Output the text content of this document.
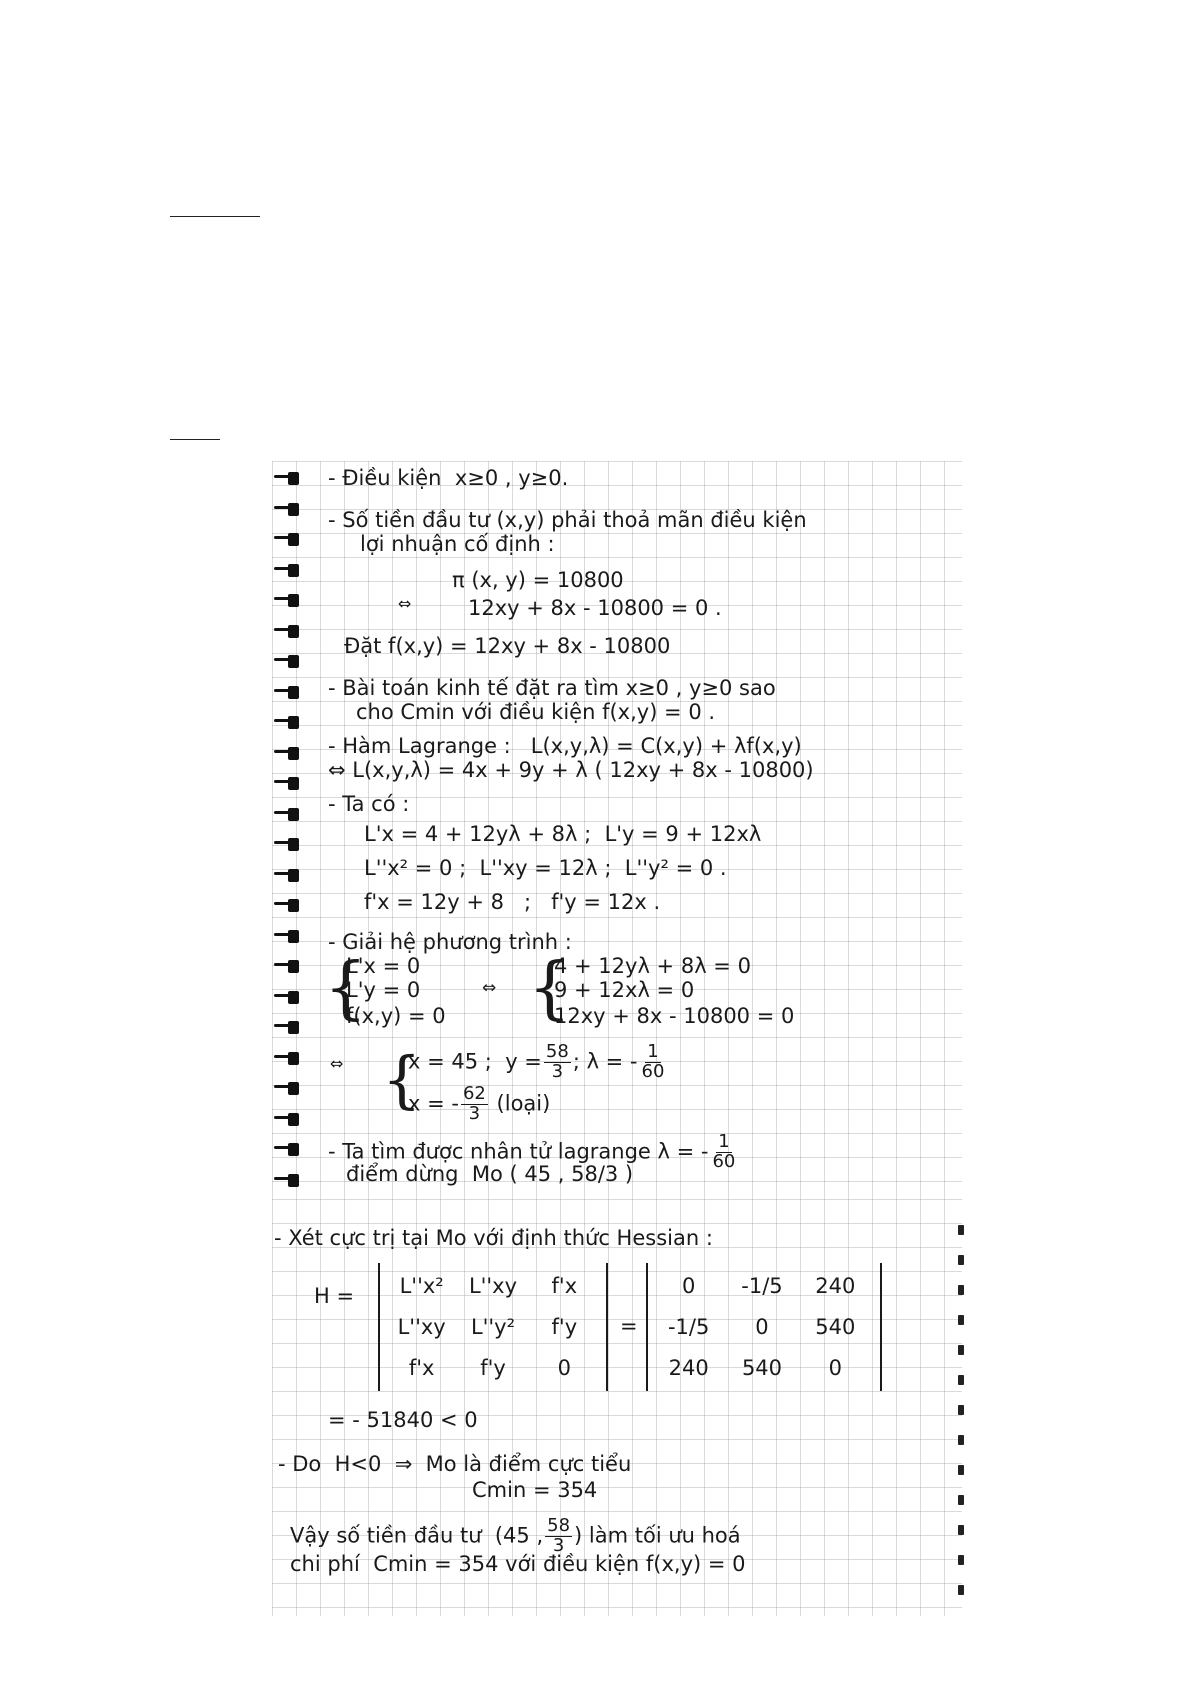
- Điều kiện  x≥0 , y≥0.
- Số tiền đầu tư (x,y) phải thoả mãn điều kiện
lợi nhuận cố định :
π (x, y) = 10800
⇔	12xy + 8x - 10800 = 0 .
Đặt f(x,y) = 12xy + 8x - 10800
- Bài toán kinh tế đặt ra tìm x≥0 , y≥0 sao
cho Cmin với điều kiện f(x,y) = 0 .
- Hàm Lagrange :   L(x,y,λ) = C(x,y) + λf(x,y)
⇔ L(x,y,λ) = 4x + 9y + λ ( 12xy + 8x - 10800)
- Ta có :
L'x = 4 + 12yλ + 8λ ;  L'y = 9 + 12xλ
L''x² = 0 ;  L''xy = 12λ ;  L''y² = 0 .
f'x = 12y + 8   ;   f'y = 12x .
- Giải hệ phương trình :
{
L'x = 0
L'y = 0
f(x,y) = 0
⇔ {
4 + 12yλ + 8λ = 0
9 + 12xλ = 0
12xy + 8x - 10800 = 0
⇔ {
x = 45 ;  $y = \frac{58}{3}$ ; λ = - $\frac{1}{60}$
x = - $\frac{62}{3}$ (loại)
- Ta tìm được nhân tử lagrange λ = - $\frac{1}{60}$
điểm dừng  Mo ( 45 , 58/3 )
- Xét cực trị tại Mo với định thức Hessian :
H =	L''x²	L''xy	f'x
L''xy	L''y²	f'y
f'x	f'y	0
=
0	-1/5	240
-1/5	0	540
240	540	0
= - 51840 < 0
- Do  H<0  ⇒  Mo là điểm cực tiểu
Cmin = 354
Vậy số tiền đầu tư  (45 , $\frac{58}{3}$ ) làm tối ưu hoá
chi phí  Cmin = 354 với điều kiện f(x,y) = 0
